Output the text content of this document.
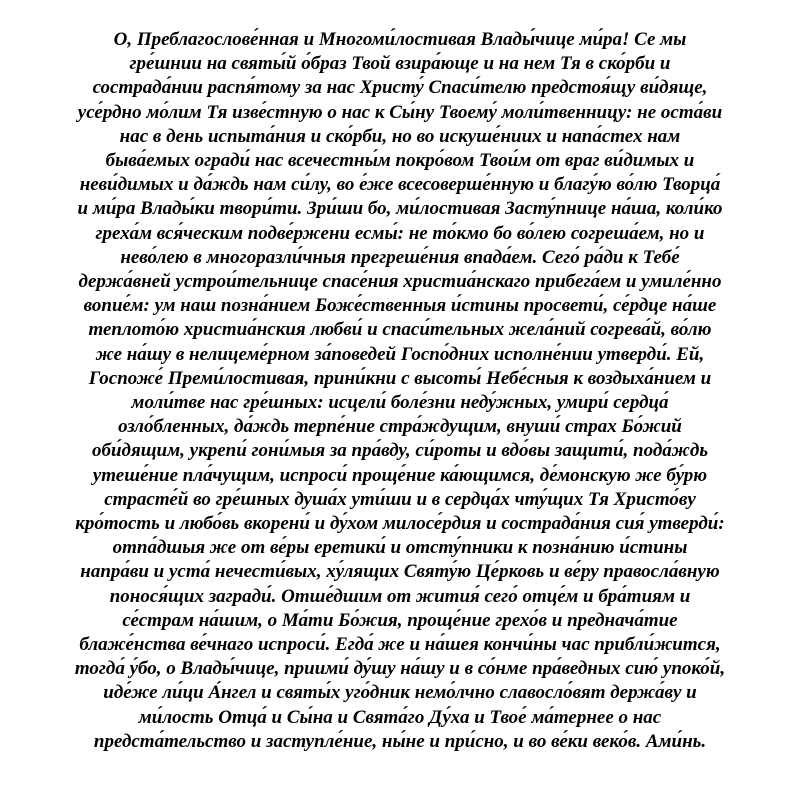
О, Преблагослове́нная и Многоми́лостивая Влады́чице ми́ра! Се мы
гре́шнии на святы́й о́браз Твой взира́юще и на нем Тя в ско́рби и
сострада́нии распя́тому за нас Христу́ Спаси́телю предстоя́щу ви́дяще,
усе́рдно мо́лим Тя изве́стную о нас к Сы́ну Твоему́ моли́твенницу: не оста́ви
нас в день испыта́ния и ско́рби, но во искуше́ниих и напа́стех нам
быва́емых огради́ нас всечестны́м покро́вом Твои́м от враг ви́димых и
неви́димых и да́ждь нам си́лу, во е́же всесоверше́нную и благу́ю во́лю Творца́
и ми́ра Влады́ки твори́ти. Зри́ши бо, ми́лостивая Засту́пнице на́ша, коли́ко
греха́м вся́ческим подве́ржени есмы́: не то́кмо бо во́лею согреша́ем, но и
нево́лею в многоразли́чныя прегреше́ния впада́ем. Сего́ ра́ди к Тебе́
держа́вней устрои́тельнице спасе́ния христиа́нскаго прибега́ем и умиле́нно
вопие́м: ум наш позна́нием Боже́ственныя и́стины просвети́, се́рдце на́ше
теплото́ю христиа́нския любви́ и спаси́тельных жела́ний согрева́й, во́лю
же на́шу в нелицеме́рном за́поведей Госпо́дних исполне́нии утверди́. Ей,
Госпоже́ Преми́лостивая, прини́кни с высоты́ Небе́сныя к воздыха́нием и
моли́тве нас гре́шных: исцели́ боле́зни неду́жных, умири́ сердца́
озло́бленных, да́ждь терпе́ние стра́ждущим, внуши́ страх Бо́жий
оби́дящим, укрепи́ гони́мыя за пра́вду, си́роты и вдо́вы защити́, пода́ждь
утеше́ние пла́чущим, испроси́ проще́ние ка́ющимся, де́монскую же бу́рю
страсте́й во гре́шных душа́х ути́ши и в сердца́х чту́щих Тя Христо́ву
кро́тость и любо́вь вкорени́ и ду́хом милосе́рдия и сострада́ния сия́ утверди́:
отпа́дшыя же от ве́ры еретики́ и отсту́пники к позна́нию и́стины
напра́ви и уста́ нечести́вых, ху́лящих Святу́ю Це́рковь и ве́ру правосла́вную
понося́щих загради́. Отше́дшим от жития́ сего́ отце́м и бра́тиям и
се́страм на́шим, о Ма́ти Бо́жия, проще́ние грехо́в и преднача́тие
блаже́нства ве́чнаго испроси́. Егда́ же и на́шея кончи́ны час прибли́жится,
тогда́ у́бо, о Влады́чице, приими́ ду́шу на́шу и в со́нме пра́ведных сию́ упоко́й,
иде́же ли́ци А́нгел и святы́х уго́дник немо́лчно славосло́вят держа́ву и
ми́лость Отца́ и Сы́на и Свята́го Ду́ха и Твое́ ма́тернее о нас
предста́тельство и заступле́ние, ны́не и при́сно, и во ве́ки веко́в. Ами́нь.
